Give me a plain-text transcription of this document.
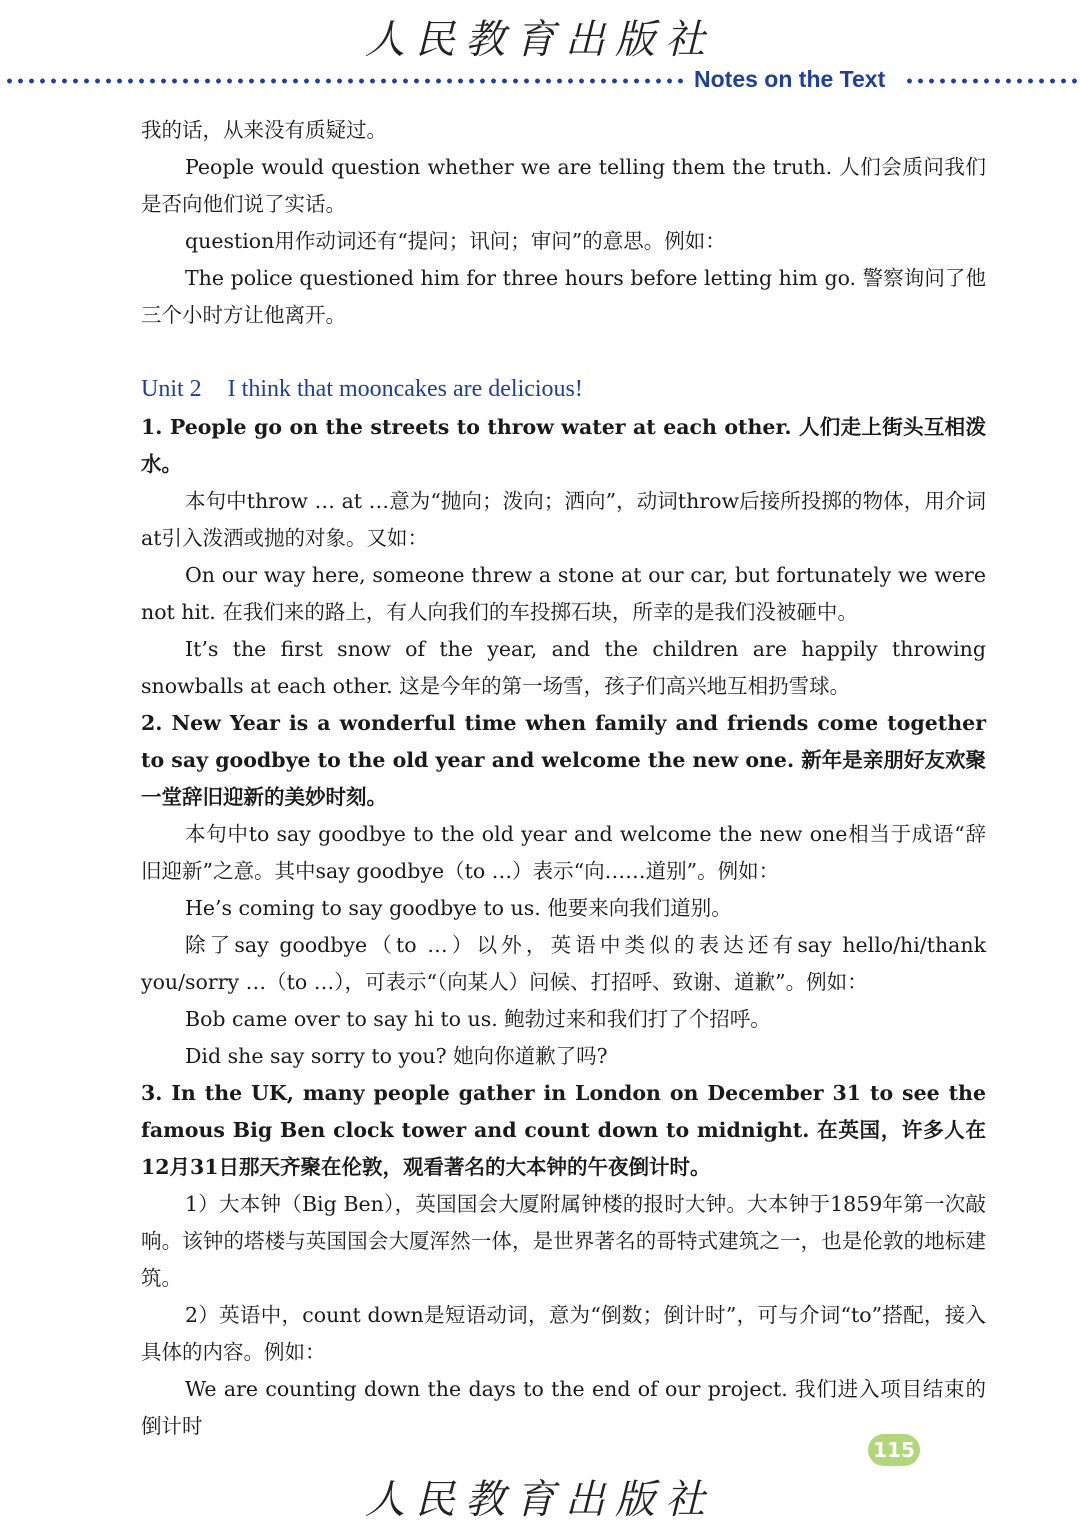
人民教育出版社
Notes on the Text

我的话，从来没有质疑过。

People would question whether we are telling them the truth. 人们会质问我们是否向他们说了实话。

question用作动词还有“提问；讯问；审问”的意思。例如：

The police questioned him for three hours before letting him go. 警察询问了他三个小时方让他离开。

Unit 2 I think that mooncakes are delicious!
1. People go on the streets to throw water at each other. 人们走上街头互相泼水。

本句中throw … at …意为“抛向；泼向；洒向”，动词throw后接所投掷的物体，用介词at引入泼洒或抛的对象。又如：

On our way here, someone threw a stone at our car, but fortunately we were not hit. 在我们来的路上，有人向我们的车投掷石块，所幸的是我们没被砸中。

It’s the first snow of the year, and the children are happily throwing snowballs at each other. 这是今年的第一场雪，孩子们高兴地互相扔雪球。

2. New Year is a wonderful time when family and friends come together to say goodbye to the old year and welcome the new one. 新年是亲朋好友欢聚一堂辞旧迎新的美妙时刻。

本句中to say goodbye to the old year and welcome the new one相当于成语“辞旧迎新”之意。其中say goodbye（to …）表示“向……道别”。例如：

He’s coming to say goodbye to us. 他要来向我们道别。

除了say goodbye（to …）以外，英语中类似的表达还有say hello/hi/thank you/sorry …（to …），可表示“（向某人）问候、打招呼、致谢、道歉”。例如：

Bob came over to say hi to us. 鲍勃过来和我们打了个招呼。

Did she say sorry to you? 她向你道歉了吗?

3. In the UK, many people gather in London on December 31 to see the famous Big Ben clock tower and count down to midnight. 在英国，许多人在12月31日那天齐聚在伦敦，观看著名的大本钟的午夜倒计时。

1）大本钟（Big Ben），英国国会大厦附属钟楼的报时大钟。大本钟于1859年第一次敲响。该钟的塔楼与英国国会大厦浑然一体，是世界著名的哥特式建筑之一，也是伦敦的地标建筑。

2）英语中，count down是短语动词，意为“倒数；倒计时”，可与介词“to”搭配，接入具体的内容。例如：

We are counting down the days to the end of our project. 我们进入项目结束的倒计时

115
人民教育出版社
